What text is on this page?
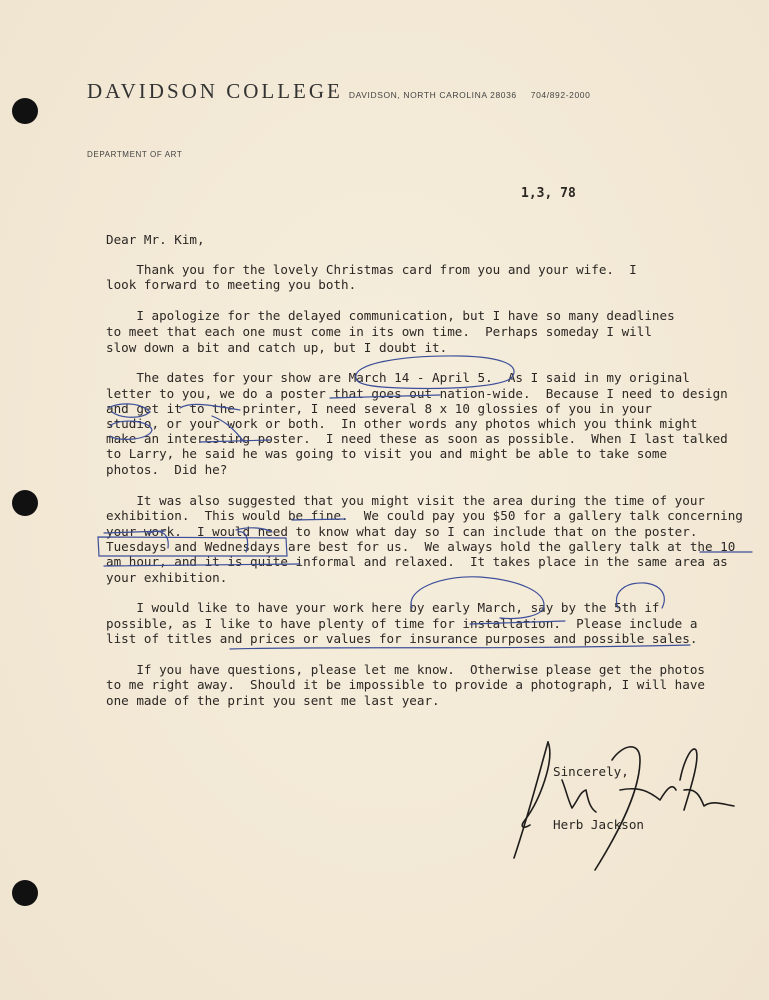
DAVIDSON COLLEGE DAVIDSON, NORTH CAROLINA 28036 704/892-2000
DEPARTMENT OF ART
1,3, 78
Dear Mr. Kim,
Thank you for the lovely Christmas card from you and your wife.  I
look forward to meeting you both.
I apologize for the delayed communication, but I have so many deadlines
to meet that each one must come in its own time.  Perhaps someday I will
slow down a bit and catch up, but I doubt it.
The dates for your show are March 14 - April 5.  As I said in my original
letter to you, we do a poster that goes out nation-wide.  Because I need to design
and get it to the printer, I need several 8 x 10 glossies of you in your
studio, or your work or both.  In other words any photos which you think might
make an interesting poster.  I need these as soon as possible.  When I last talked
to Larry, he said he was going to visit you and might be able to take some
photos.  Did he?
It was also suggested that you might visit the area during the time of your
exhibition.  This would be fine.  We could pay you $50 for a gallery talk concerning
your work.  I would need to know what day so I can include that on the poster.
Tuesdays and Wednesdays are best for us.  We always hold the gallery talk at the 10
am hour, and it is quite informal and relaxed.  It takes place in the same area as
your exhibition.
I would like to have your work here by early March, say by the 5th if
possible, as I like to have plenty of time for installation.  Please include a
list of titles and prices or values for insurance purposes and possible sales.
If you have questions, please let me know.  Otherwise please get the photos
to me right away.  Should it be impossible to provide a photograph, I will have
one made of the print you sent me last year.
Sincerely,
Herb Jackson
